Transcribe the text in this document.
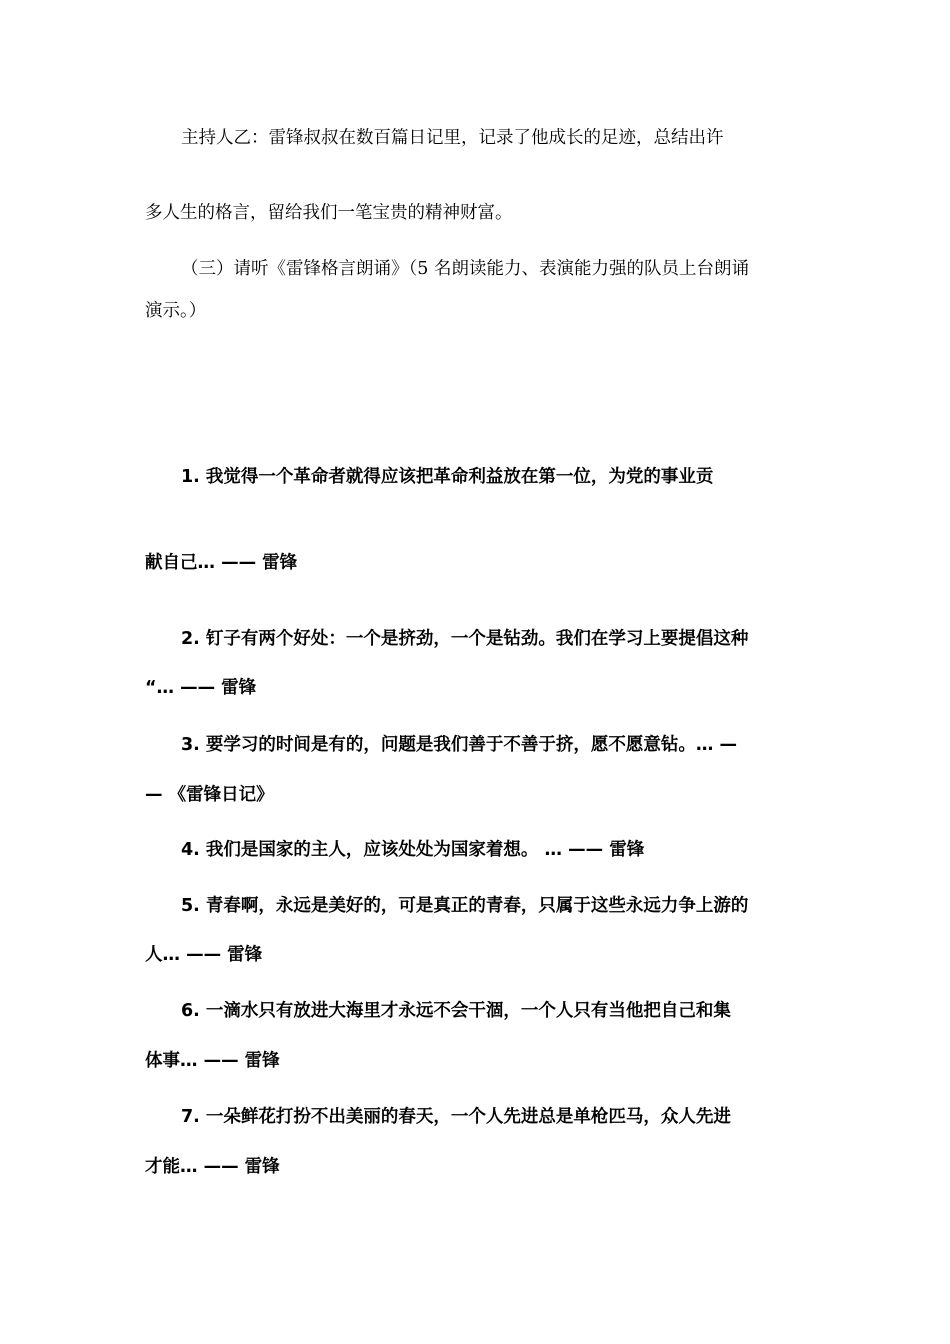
主持人乙：雷锋叔叔在数百篇日记里，记录了他成长的足迹，总结出许
多人生的格言，留给我们一笔宝贵的精神财富。
（三）请听《雷锋格言朗诵》（5 名朗读能力、表演能力强的队员上台朗诵
演示。）
1. 我觉得一个革命者就得应该把革命利益放在第一位，为党的事业贡
献自己… —— 雷锋
2. 钉子有两个好处：一个是挤劲，一个是钻劲。我们在学习上要提倡这种
“… —— 雷锋
3. 要学习的时间是有的，问题是我们善于不善于挤，愿不愿意钻。… —
— 《雷锋日记》
4. 我们是国家的主人，应该处处为国家着想。 … —— 雷锋
5. 青春啊，永远是美好的，可是真正的青春，只属于这些永远力争上游的
人… —— 雷锋
6. 一滴水只有放进大海里才永远不会干涸，一个人只有当他把自己和集
体事… —— 雷锋
7. 一朵鲜花打扮不出美丽的春天，一个人先进总是单枪匹马，众人先进
才能… —— 雷锋
